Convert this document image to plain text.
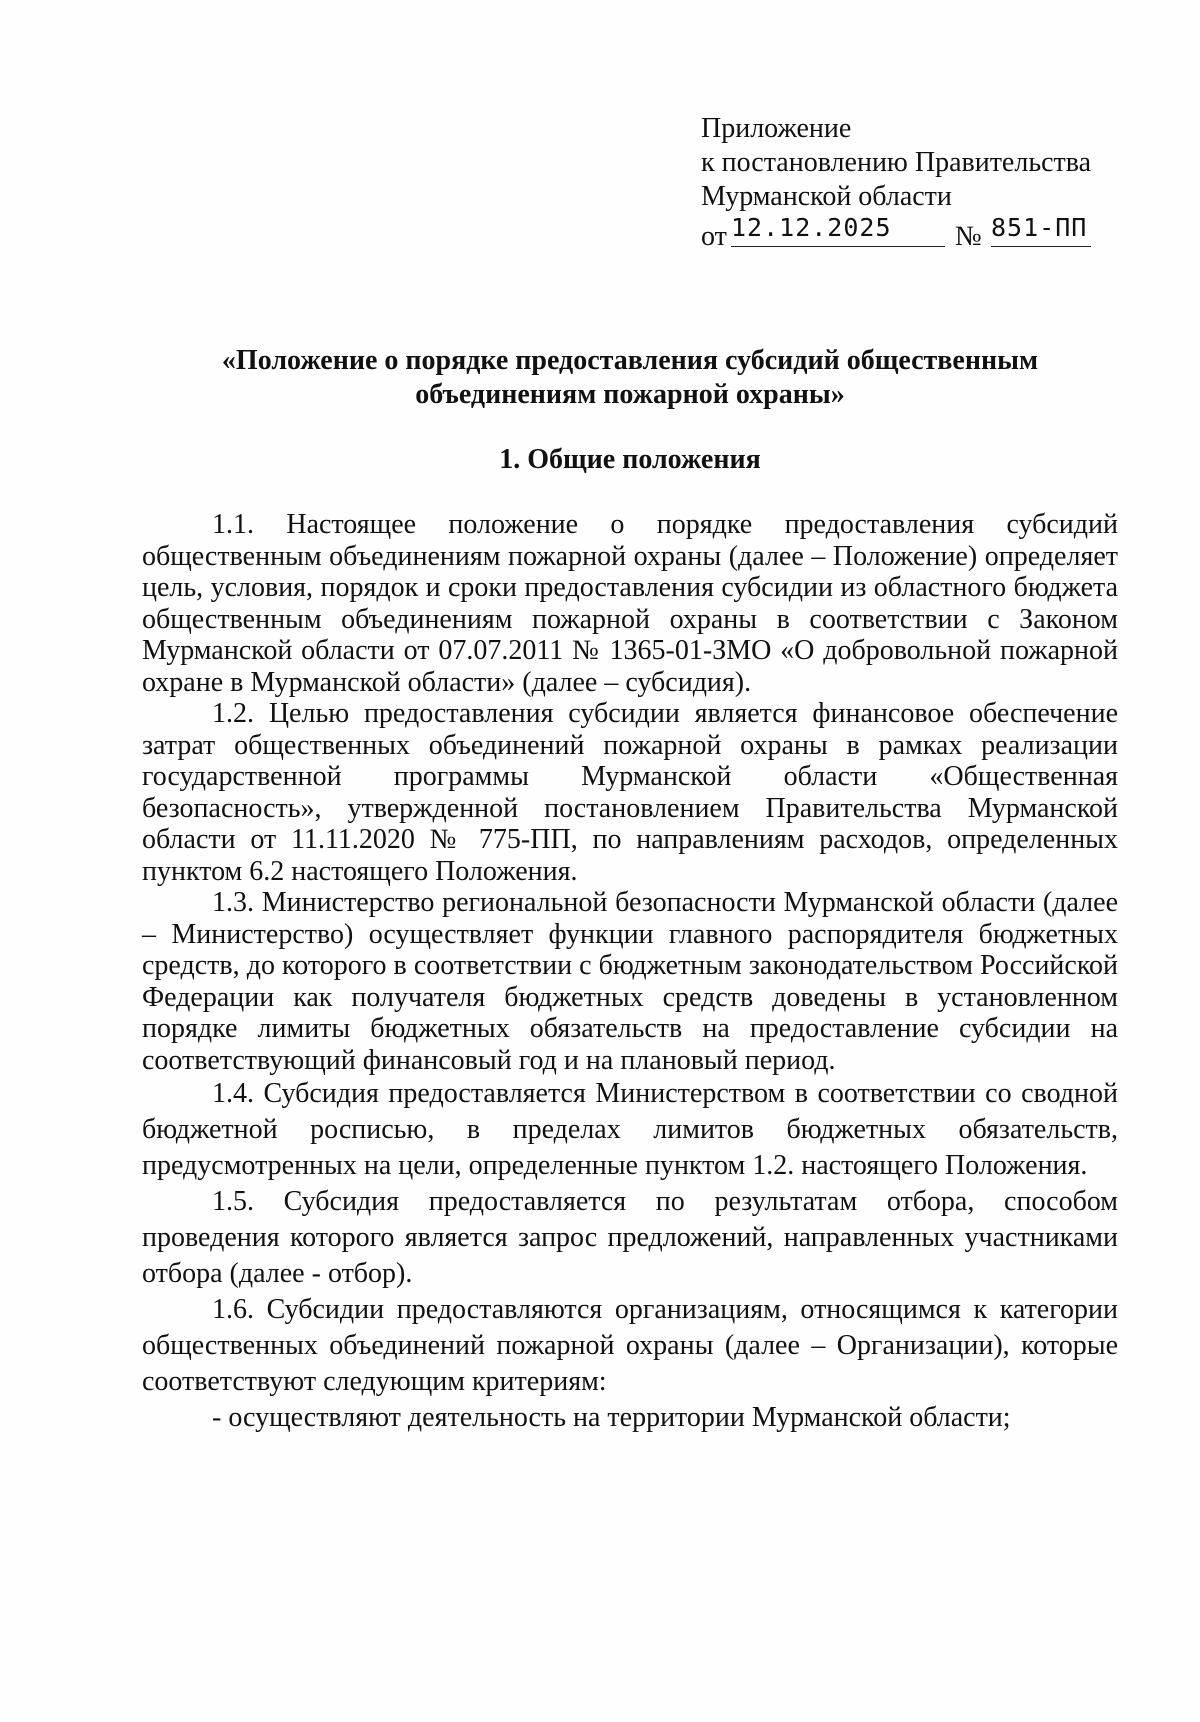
Приложение
к постановлению Правительства
Мурманской области
от 12.12.2025	№ 851-ПП
«Положение о порядке предоставления субсидий общественным
объединениям пожарной охраны»
1. Общие положения

1.1. Настоящее положение о порядке предоставления субсидий общественным объединениям пожарной охраны (далее – Положение) определяет цель, условия, порядок и сроки предоставления субсидии из областного бюджета общественным объединениям пожарной охраны в соответствии с Законом Мурманской области от 07.07.2011 № 1365-01-ЗМО «О добровольной пожарной охране в Мурманской области» (далее – субсидия).

1.2. Целью предоставления субсидии является финансовое обеспечение затрат общественных объединений пожарной охраны в рамках реализации государственной программы Мурманской области «Общественная безопасность», утвержденной постановлением Правительства Мурманской области от 11.11.2020 № 775-ПП, по направлениям расходов, определенных пунктом 6.2 настоящего Положения.

1.3. Министерство региональной безопасности Мурманской области (далее – Министерство) осуществляет функции главного распорядителя бюджетных средств, до которого в соответствии с бюджетным законодательством Российской Федерации как получателя бюджетных средств доведены в установленном порядке лимиты бюджетных обязательств на предоставление субсидии на соответствующий финансовый год и на плановый период.

1.4. Субсидия предоставляется Министерством в соответствии со сводной бюджетной росписью, в пределах лимитов бюджетных обязательств, предусмотренных на цели, определенные пунктом 1.2. настоящего Положения.

1.5. Субсидия предоставляется по результатам отбора, способом проведения которого является запрос предложений, направленных участниками отбора (далее - отбор).

1.6. Субсидии предоставляются организациям, относящимся к категории общественных объединений пожарной охраны (далее – Организации), которые соответствуют следующим критериям:

- осуществляют деятельность на территории Мурманской области;
